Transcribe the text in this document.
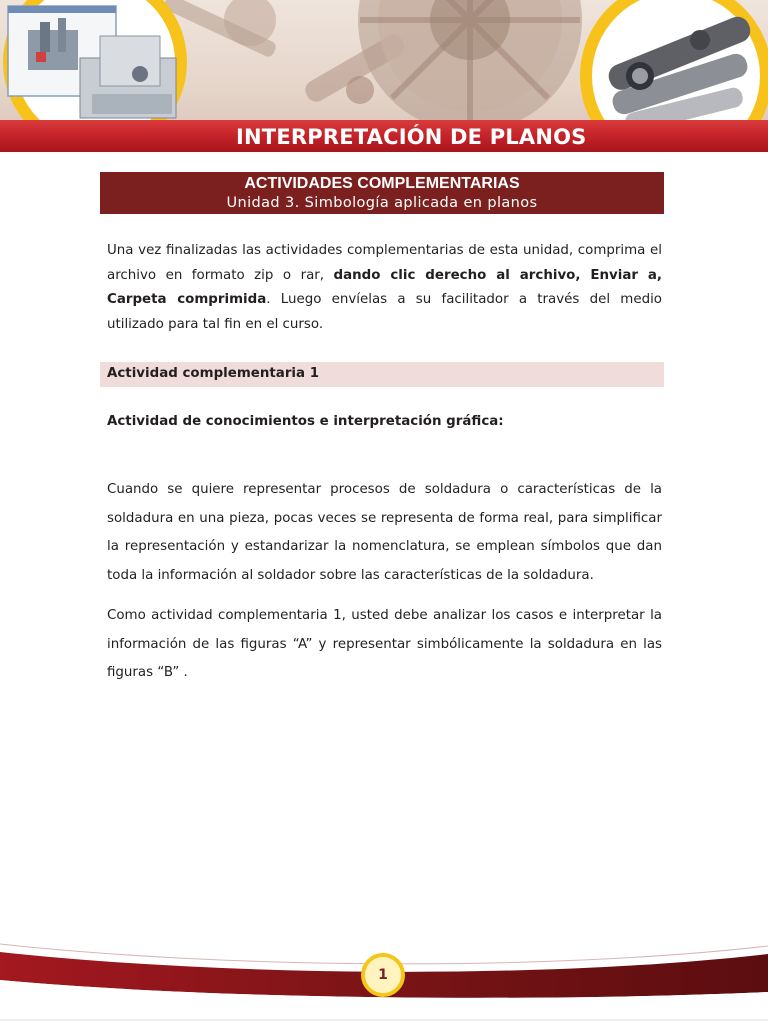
INTERPRETACIÓN DE PLANOS
ACTIVIDADES COMPLEMENTARIAS
Unidad 3. Simbología aplicada en planos

Una vez finalizadas las actividades complementarias de esta unidad, comprima el archivo en formato zip o rar, dando clic derecho al archivo, Enviar a, Carpeta comprimida. Luego envíelas a su facilitador a través del medio utilizado para tal fin en el curso.

Actividad complementaria 1
Actividad de conocimientos e interpretación gráfica:

Cuando se quiere representar procesos de soldadura o características de la soldadura en una pieza, pocas veces se representa de forma real, para simplificar la representación y estandarizar la nomenclatura, se emplean símbolos que dan toda la información al soldador sobre las características de la soldadura.

Como actividad complementaria 1, usted debe analizar los casos e interpretar la información de las figuras “A” y representar simbólicamente la soldadura en las figuras “B” .

1
